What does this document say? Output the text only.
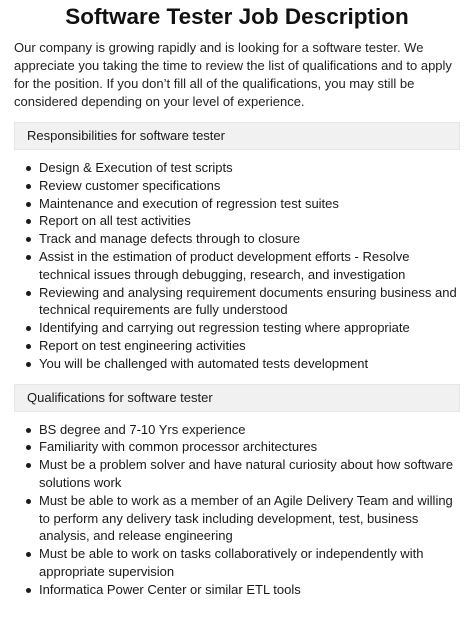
Software Tester Job Description

Our company is growing rapidly and is looking for a software tester. We appreciate you taking the time to review the list of qualifications and to apply for the position. If you don’t fill all of the qualifications, you may still be considered depending on your level of experience.

Responsibilities for software tester
Design & Execution of test scripts
Review customer specifications
Maintenance and execution of regression test suites
Report on all test activities
Track and manage defects through to closure
Assist in the estimation of product development efforts - Resolve technical issues through debugging, research, and investigation
Reviewing and analysing requirement documents ensuring business and technical requirements are fully understood
Identifying and carrying out regression testing where appropriate
Report on test engineering activities
You will be challenged with automated tests development
Qualifications for software tester
BS degree and 7-10 Yrs experience
Familiarity with common processor architectures
Must be a problem solver and have natural curiosity about how software solutions work
Must be able to work as a member of an Agile Delivery Team and willing to perform any delivery task including development, test, business analysis, and release engineering
Must be able to work on tasks collaboratively or independently with appropriate supervision
Informatica Power Center or similar ETL tools
